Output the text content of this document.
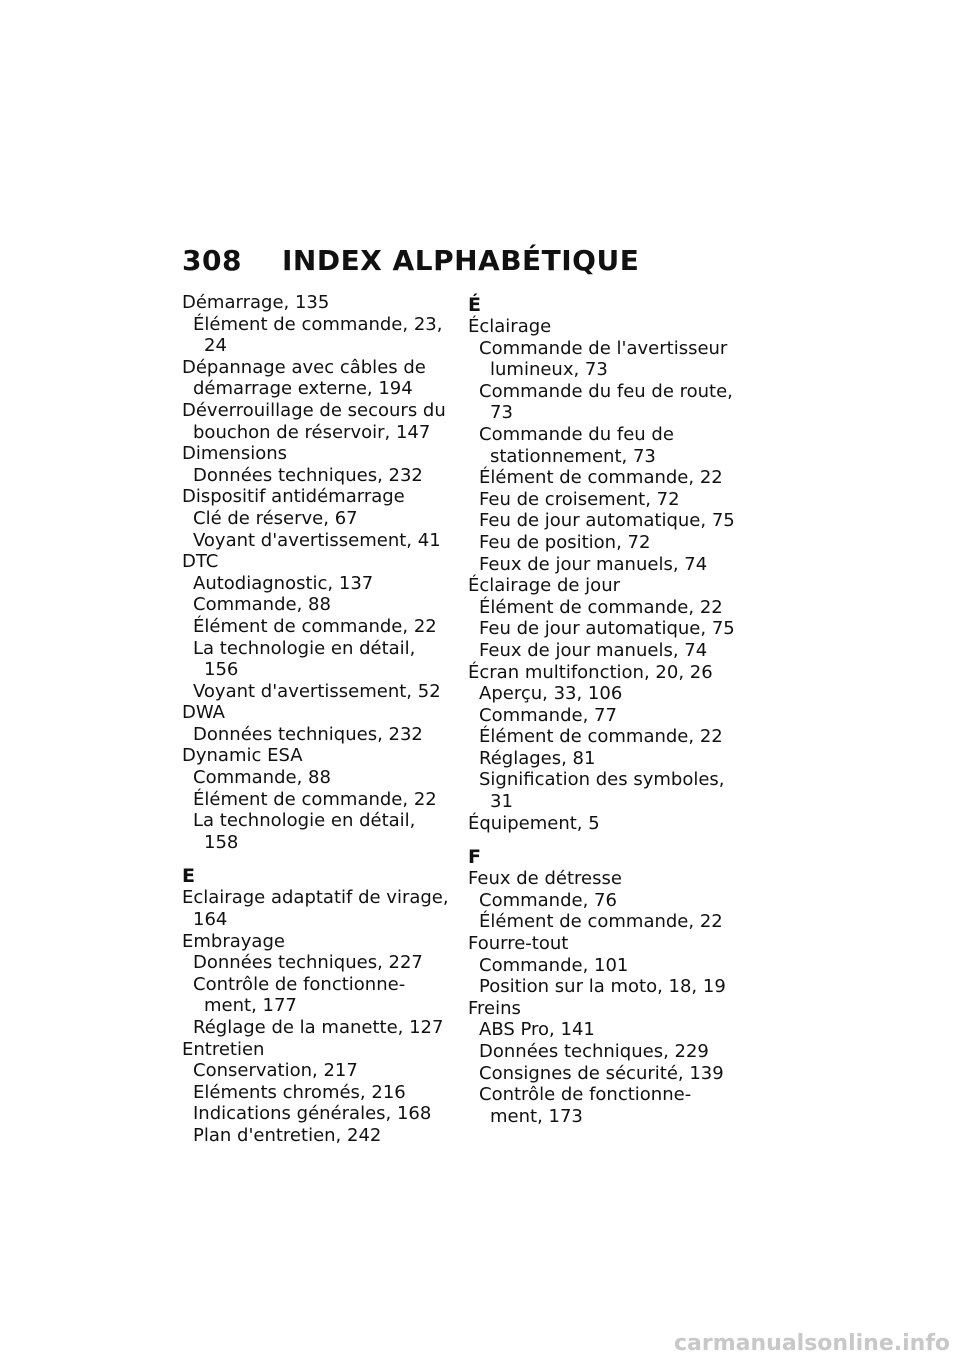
308 INDEX ALPHABÉTIQUE
Démarrage, 135
Élément de commande, 23, 24
Dépannage avec câbles de démarrage externe, 194
Déverrouillage de secours du bouchon de réservoir, 147
Dimensions
Données techniques, 232
Dispositif antidémarrage
Clé de réserve, 67
Voyant d'avertissement, 41
DTC
Autodiagnostic, 137
Commande, 88
Élément de commande, 22
La technologie en détail, 156
Voyant d'avertissement, 52
DWA
Données techniques, 232
Dynamic ESA
Commande, 88
Élément de commande, 22
La technologie en détail, 158
E
Eclairage adaptatif de virage, 164
Embrayage
Données techniques, 227
Contrôle de fonctionne- ment, 177
Réglage de la manette, 127
Entretien
Conservation, 217
Eléments chromés, 216
Indications générales, 168
Plan d'entretien, 242
É
Éclairage
Commande de l'avertisseur lumineux, 73
Commande du feu de route, 73
Commande du feu de stationnement, 73
Élément de commande, 22
Feu de croisement, 72
Feu de jour automatique, 75
Feu de position, 72
Feux de jour manuels, 74
Éclairage de jour
Élément de commande, 22
Feu de jour automatique, 75
Feux de jour manuels, 74
Écran multifonction, 20, 26
Aperçu, 33, 106
Commande, 77
Élément de commande, 22
Réglages, 81
Signification des symboles, 31
Équipement, 5
F
Feux de détresse
Commande, 76
Élément de commande, 22
Fourre-tout
Commande, 101
Position sur la moto, 18, 19
Freins
ABS Pro, 141
Données techniques, 229
Consignes de sécurité, 139
Contrôle de fonctionne- ment, 173
carmanualsonline.info
